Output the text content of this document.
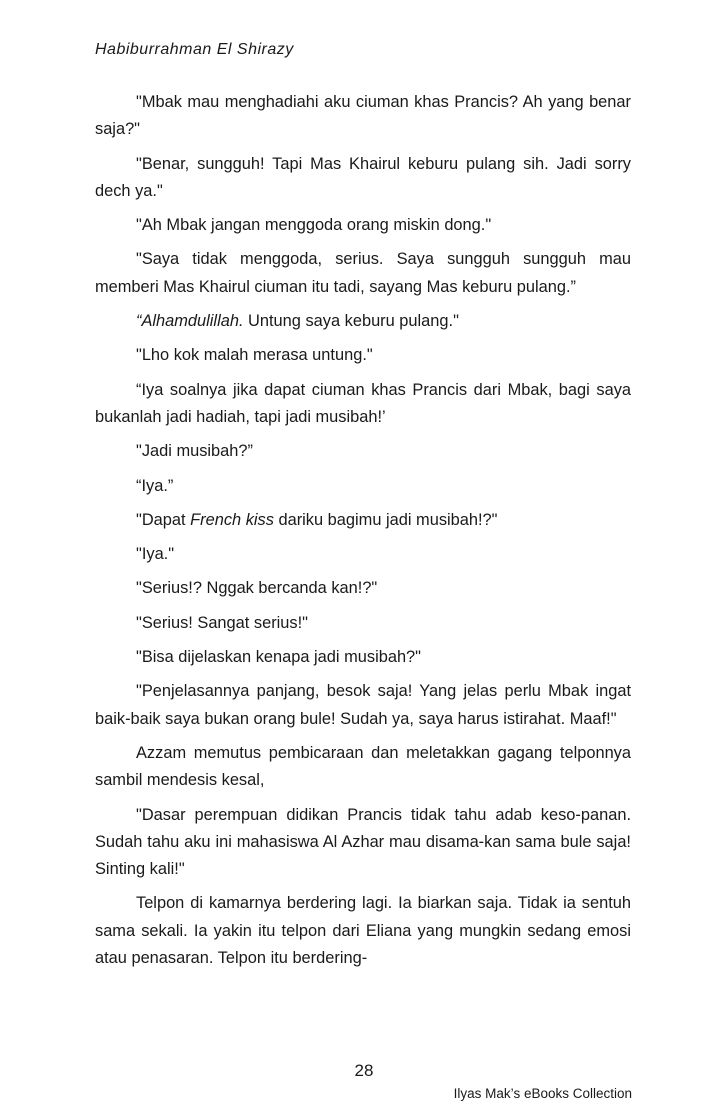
Habiburrahman El Shirazy

"Mbak mau menghadiahi aku ciuman khas Prancis? Ah yang benar saja?"

"Benar, sungguh! Tapi Mas Khairul keburu pulang sih. Jadi sorry dech ya."

"Ah Mbak jangan menggoda orang miskin dong."

"Saya tidak menggoda, serius. Saya sungguh sungguh mau memberi Mas Khairul ciuman itu tadi, sayang Mas keburu pulang.”

“Alhamdulillah. Untung saya keburu pulang."

"Lho kok malah merasa untung."

“Iya soalnya jika dapat ciuman khas Prancis dari Mbak, bagi saya bukanlah jadi hadiah, tapi jadi musibah!’

"Jadi musibah?”

“Iya.”

"Dapat French kiss dariku bagimu jadi musibah!?"

"Iya."

"Serius!? Nggak bercanda kan!?"

"Serius! Sangat serius!"

"Bisa dijelaskan kenapa jadi musibah?"

"Penjelasannya panjang, besok saja! Yang jelas perlu Mbak ingat baik-baik saya bukan orang bule! Sudah ya, saya harus istirahat. Maaf!"

Azzam memutus pembicaraan dan meletakkan gagang telponnya sambil mendesis kesal,

"Dasar perempuan didikan Prancis tidak tahu adab keso-panan. Sudah tahu aku ini mahasiswa Al Azhar mau disama-kan sama bule saja! Sinting kali!"

Telpon di kamarnya berdering lagi. Ia biarkan saja. Tidak ia sentuh sama sekali. Ia yakin itu telpon dari Eliana yang mungkin sedang emosi atau penasaran. Telpon itu berdering-

28
Ilyas Mak’s eBooks Collection
